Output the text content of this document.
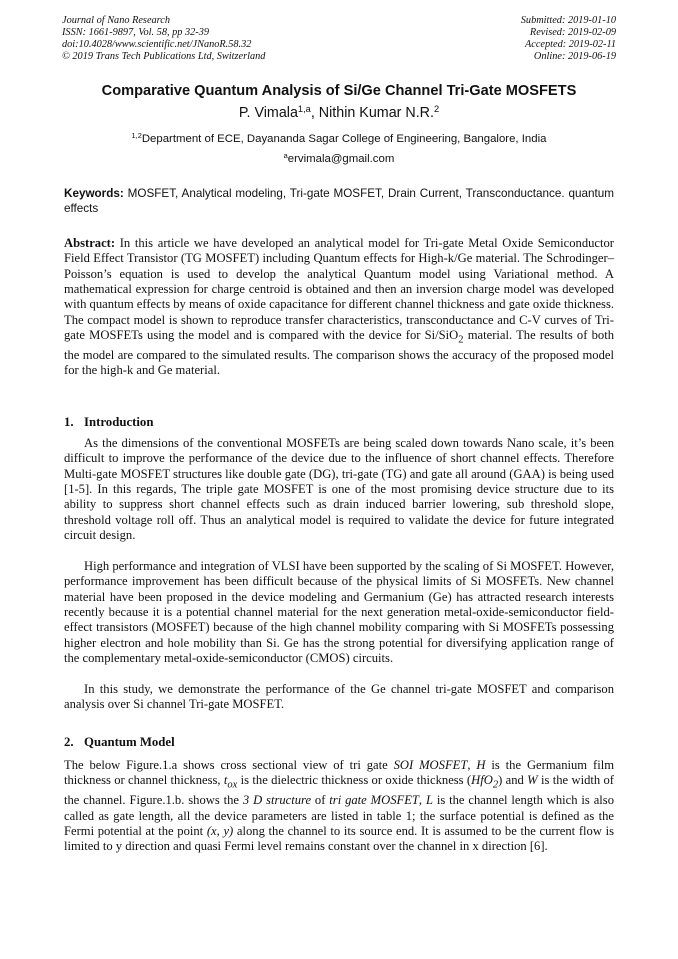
Journal of Nano Research
ISSN: 1661-9897, Vol. 58, pp 32-39
doi:10.4028/www.scientific.net/JNanoR.58.32
© 2019 Trans Tech Publications Ltd, Switzerland
Submitted: 2019-01-10
Revised: 2019-02-09
Accepted: 2019-02-11
Online: 2019-06-19
Comparative Quantum Analysis of Si/Ge Channel Tri-Gate MOSFETS
P. Vimala$^{1,a}$, Nithin Kumar N.R.$^2$
$^{1,2}$Department of ECE, Dayananda Sagar College of Engineering, Bangalore, India
$^a$ervimala@gmail.com
Keywords: MOSFET, Analytical modeling, Tri-gate MOSFET, Drain Current, Transconductance. quantum effects
Abstract: In this article we have developed an analytical model for Tri-gate Metal Oxide Semiconductor Field Effect Transistor (TG MOSFET) including Quantum effects for High-k/Ge material. The Schrodinger–Poisson’s equation is used to develop the analytical Quantum model using Variational method. A mathematical expression for charge centroid is obtained and then an inversion charge model was developed with quantum effects by means of oxide capacitance for different channel thickness and gate oxide thickness. The compact model is shown to reproduce transfer characteristics, transconductance and C-V curves of Tri-gate MOSFETs using the model and is compared with the device for Si/SiO$_2$ material. The results of both the model are compared to the simulated results. The comparison shows the accuracy of the proposed model for the high-k and Ge material.
1. Introduction
As the dimensions of the conventional MOSFETs are being scaled down towards Nano scale, it’s been difficult to improve the performance of the device due to the influence of short channel effects. Therefore Multi-gate MOSFET structures like double gate (DG), tri-gate (TG) and gate all around (GAA) is being used [1-5]. In this regards, The triple gate MOSFET is one of the most promising device structure due to its ability to suppress short channel effects such as drain induced barrier lowering, sub threshold slope, threshold voltage roll off. Thus an analytical model is required to validate the device for future integrated circuit design.
High performance and integration of VLSI have been supported by the scaling of Si MOSFET. However, performance improvement has been difficult because of the physical limits of Si MOSFETs. New channel material have been proposed in the device modeling and Germanium (Ge) has attracted research interests recently because it is a potential channel material for the next generation metal-oxide-semiconductor field-effect transistors (MOSFET) because of the high channel mobility comparing with Si MOSFETs possessing higher electron and hole mobility than Si. Ge has the strong potential for diversifying application range of the complementary metal-oxide-semiconductor (CMOS) circuits.
In this study, we demonstrate the performance of the Ge channel tri-gate MOSFET and comparison analysis over Si channel Tri-gate MOSFET.
2. Quantum Model
The below Figure.1.a shows cross sectional view of tri gate SOI MOSFET, H is the Germanium film thickness or channel thickness, $t_{ox}$ is the dielectric thickness or oxide thickness (HfO$_2$) and W is the width of the channel. Figure.1.b. shows the 3 D structure of tri gate MOSFET, L is the channel length which is also called as gate length, all the device parameters are listed in table 1; the surface potential is defined as the Fermi potential at the point (x, y) along the channel to its source end. It is assumed to be the current flow is limited to y direction and quasi Fermi level remains constant over the channel in x direction [6].
